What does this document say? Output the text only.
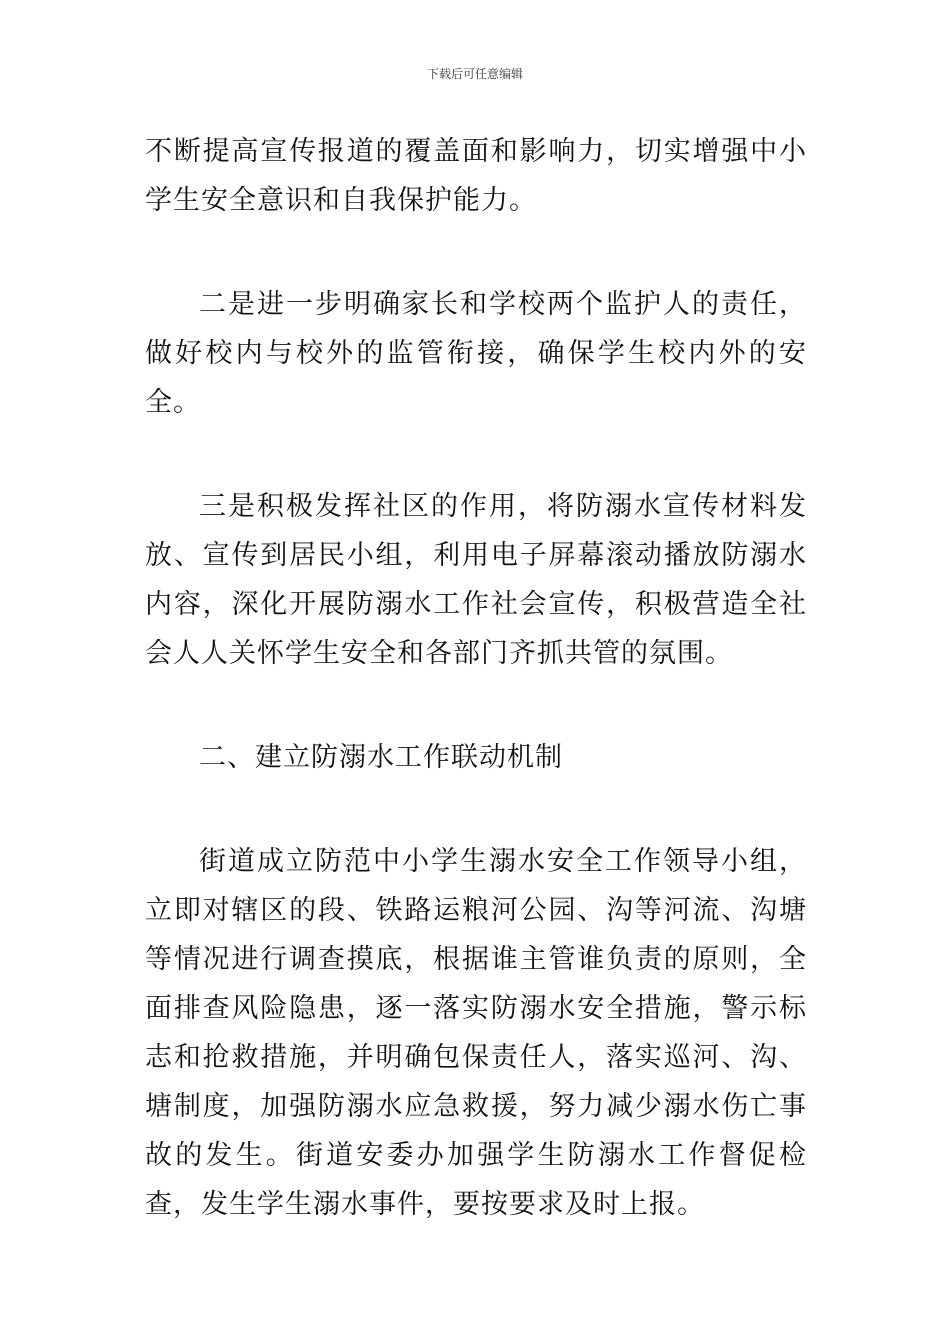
下载后可任意编辑

不断提高宣传报道的覆盖面和影响力，切实增强中小学生安全意识和自我保护能力。

二是进一步明确家长和学校两个监护人的责任，做好校内与校外的监管衔接，确保学生校内外的安全。

三是积极发挥社区的作用，将防溺水宣传材料发放、宣传到居民小组，利用电子屏幕滚动播放防溺水内容，深化开展防溺水工作社会宣传，积极营造全社会人人关怀学生安全和各部门齐抓共管的氛围。

二、建立防溺水工作联动机制

街道成立防范中小学生溺水安全工作领导小组，立即对辖区的段、铁路运粮河公园、沟等河流、沟塘等情况进行调查摸底，根据谁主管谁负责的原则，全面排查风险隐患，逐一落实防溺水安全措施，警示标志和抢救措施，并明确包保责任人，落实巡河、沟、塘制度，加强防溺水应急救援，努力减少溺水伤亡事故的发生。街道安委办加强学生防溺水工作督促检查，发生学生溺水事件，要按要求及时上报。
